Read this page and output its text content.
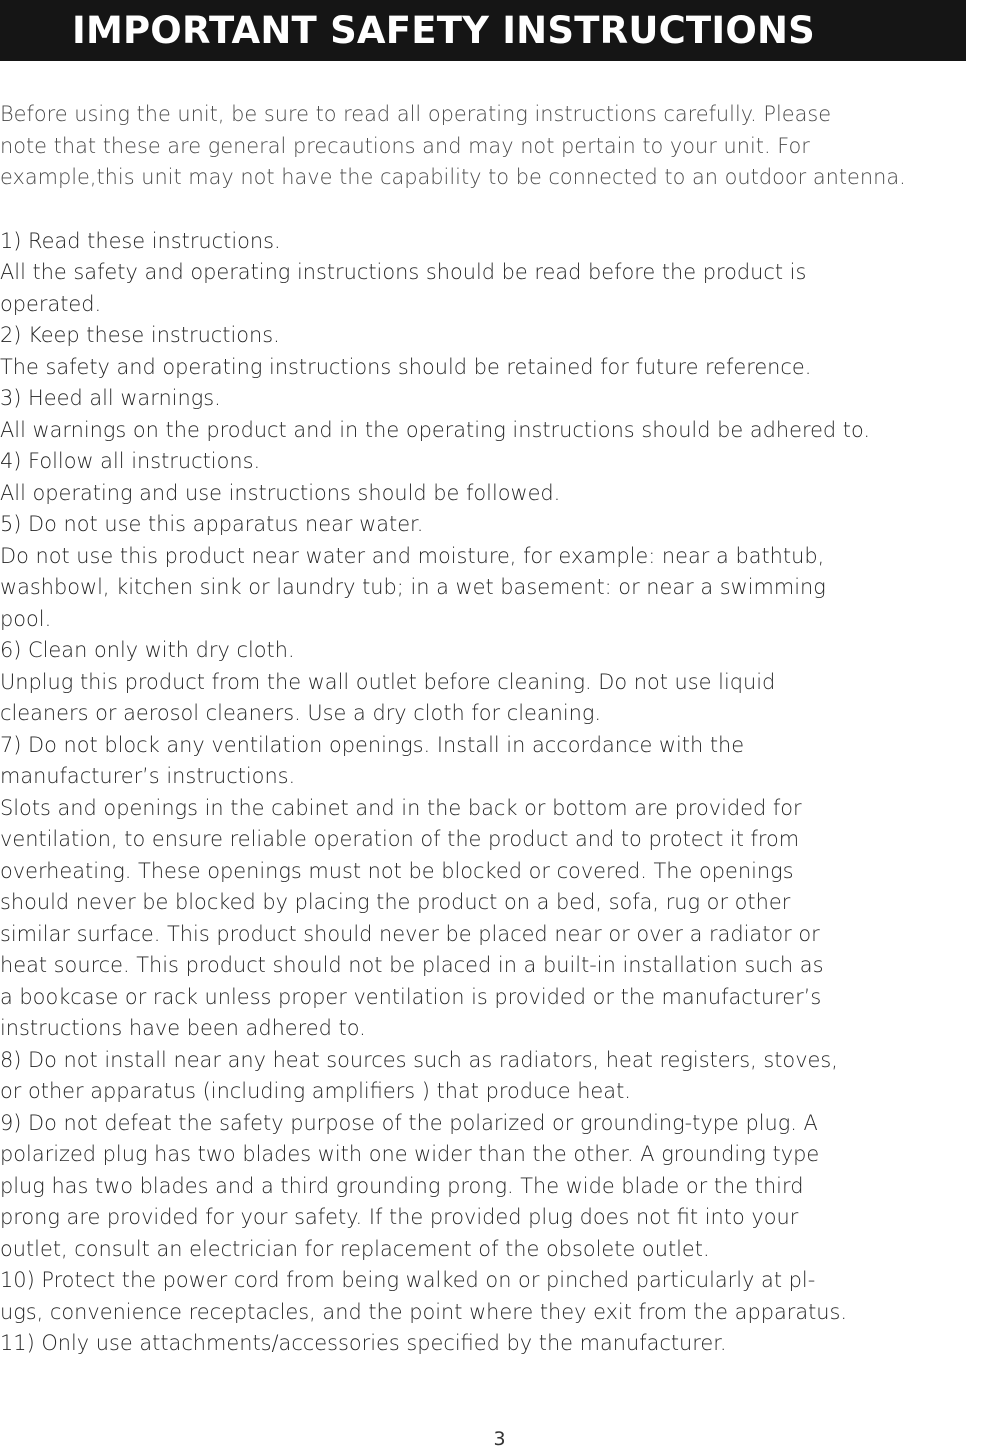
IMPORTANT SAFETY INSTRUCTIONS
Before using the unit, be sure to read all operating instructions carefully. Please
note that these are general precautions and may not pertain to your unit. For
example,this unit may not have the capability to be connected to an outdoor antenna.
1) Read these instructions.
All the safety and operating instructions should be read before the product is
operated.
2) Keep these instructions.
The safety and operating instructions should be retained for future reference.
3) Heed all warnings.
All warnings on the product and in the operating instructions should be adhered to.
4) Follow all instructions.
All operating and use instructions should be followed.
5) Do not use this apparatus near water.
Do not use this product near water and moisture, for example: near a bathtub,
washbowl, kitchen sink or laundry tub; in a wet basement: or near a swimming
pool.
6) Clean only with dry cloth.
Unplug this product from the wall outlet before cleaning. Do not use liquid
cleaners or aerosol cleaners. Use a dry cloth for cleaning.
7) Do not block any ventilation openings. Install in accordance with the
manufacturer’s instructions.
Slots and openings in the cabinet and in the back or bottom are provided for
ventilation, to ensure reliable operation of the product and to protect it from
overheating. These openings must not be blocked or covered. The openings
should never be blocked by placing the product on a bed, sofa, rug or other
similar surface. This product should never be placed near or over a radiator or
heat source. This product should not be placed in a built-in installation such as
a bookcase or rack unless proper ventilation is provided or the manufacturer’s
instructions have been adhered to.
8) Do not install near any heat sources such as radiators, heat registers, stoves,
or other apparatus (including amplifiers ) that produce heat.
9) Do not defeat the safety purpose of the polarized or grounding-type plug. A
polarized plug has two blades with one wider than the other. A grounding type
plug has two blades and a third grounding prong. The wide blade or the third
prong are provided for your safety. If the provided plug does not fit into your
outlet, consult an electrician for replacement of the obsolete outlet.
10) Protect the power cord from being walked on or pinched particularly at pl-
ugs, convenience receptacles, and the point where they exit from the apparatus.
11) Only use attachments/accessories specified by the manufacturer.
3
